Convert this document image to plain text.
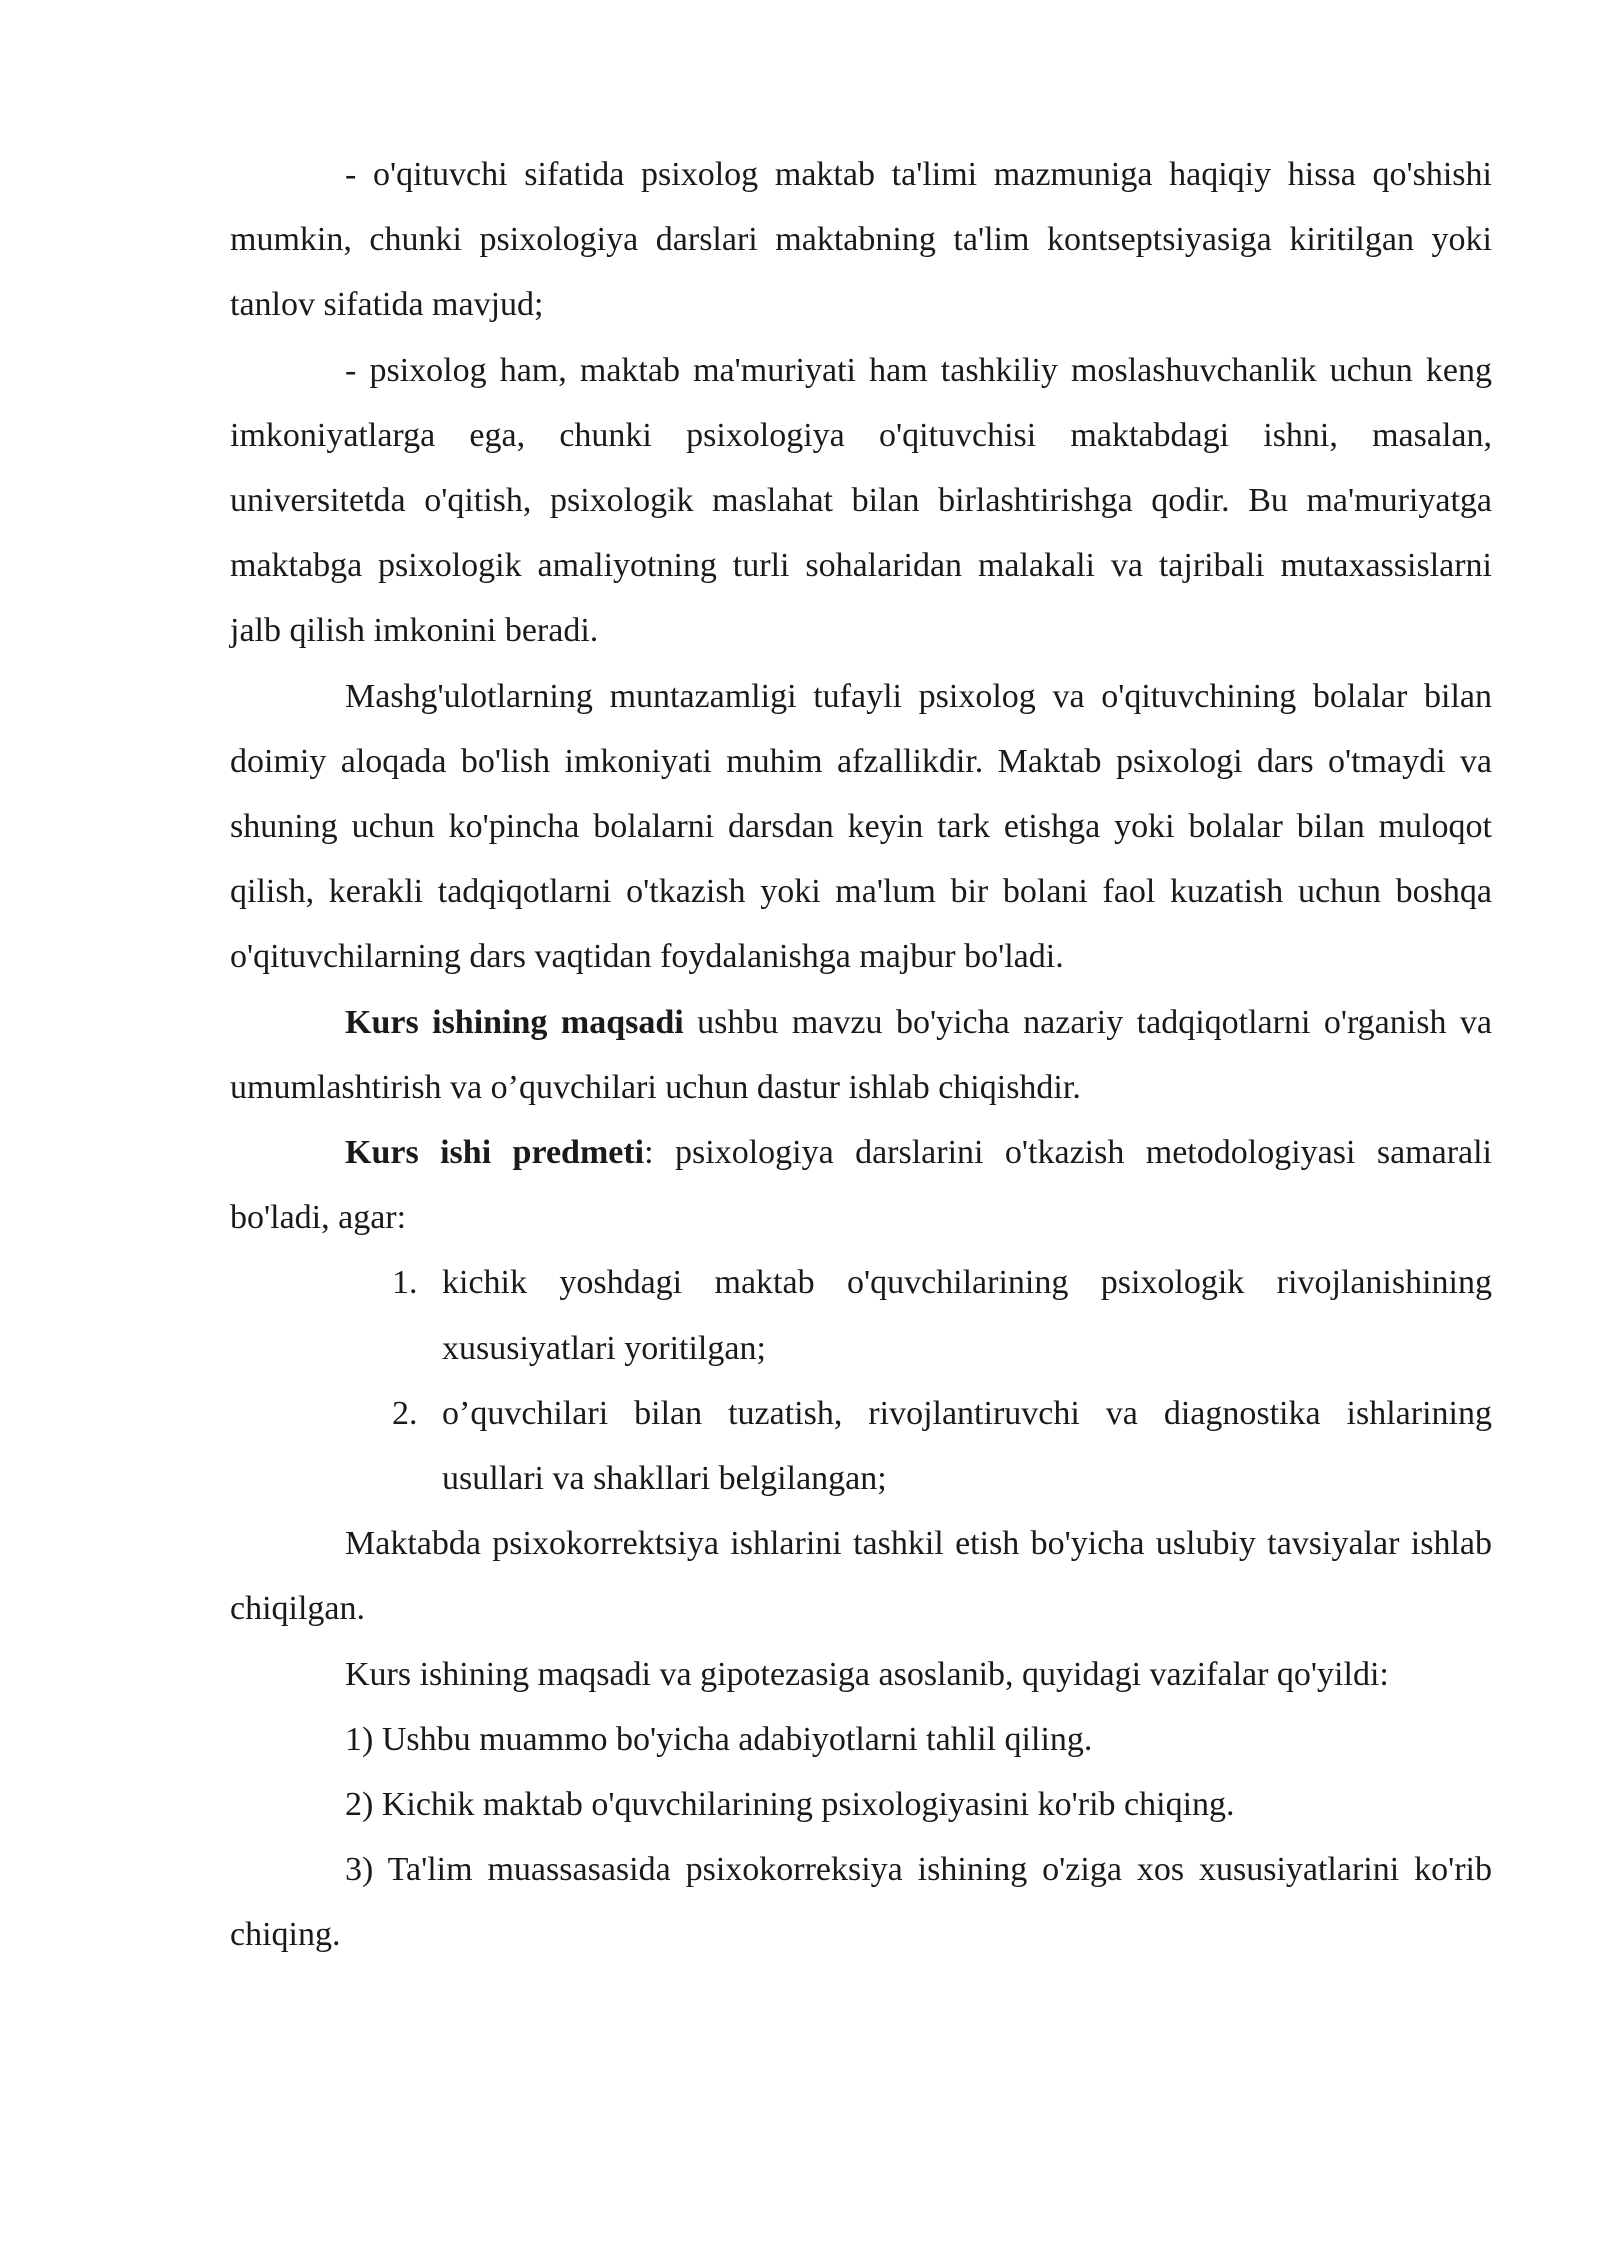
- o'qituvchi sifatida psixolog maktab ta'limi mazmuniga haqiqiy hissa qo'shishi mumkin, chunki psixologiya darslari maktabning ta'lim kontseptsiyasiga kiritilgan yoki tanlov sifatida mavjud;

- psixolog ham, maktab ma'muriyati ham tashkiliy moslashuvchanlik uchun keng imkoniyatlarga ega, chunki psixologiya o'qituvchisi maktabdagi ishni, masalan, universitetda o'qitish, psixologik maslahat bilan birlashtirishga qodir. Bu ma'muriyatga maktabga psixologik amaliyotning turli sohalaridan malakali va tajribali mutaxassislarni jalb qilish imkonini beradi.

Mashg'ulotlarning muntazamligi tufayli psixolog va o'qituvchining bolalar bilan doimiy aloqada bo'lish imkoniyati muhim afzallikdir. Maktab psixologi dars o'tmaydi va shuning uchun ko'pincha bolalarni darsdan keyin tark etishga yoki bolalar bilan muloqot qilish, kerakli tadqiqotlarni o'tkazish yoki ma'lum bir bolani faol kuzatish uchun boshqa o'qituvchilarning dars vaqtidan foydalanishga majbur bo'ladi.

Kurs ishining maqsadi ushbu mavzu bo'yicha nazariy tadqiqotlarni o'rganish va umumlashtirish va o’quvchilari uchun dastur ishlab chiqishdir.

Kurs ishi predmeti: psixologiya darslarini o'tkazish metodologiyasi samarali bo'ladi, agar:

1. kichik yoshdagi maktab o'quvchilarining psixologik rivojlanishining xususiyatlari yoritilgan;
2. o’quvchilari bilan tuzatish, rivojlantiruvchi va diagnostika ishlarining usullari va shakllari belgilangan;

Maktabda psixokorrektsiya ishlarini tashkil etish bo'yicha uslubiy tavsiyalar ishlab chiqilgan.

Kurs ishining maqsadi va gipotezasiga asoslanib, quyidagi vazifalar qo'yildi:

1) Ushbu muammo bo'yicha adabiyotlarni tahlil qiling.

2) Kichik maktab o'quvchilarining psixologiyasini ko'rib chiqing.

3) Ta'lim muassasasida psixokorreksiya ishining o'ziga xos xususiyatlarini ko'rib chiqing.
